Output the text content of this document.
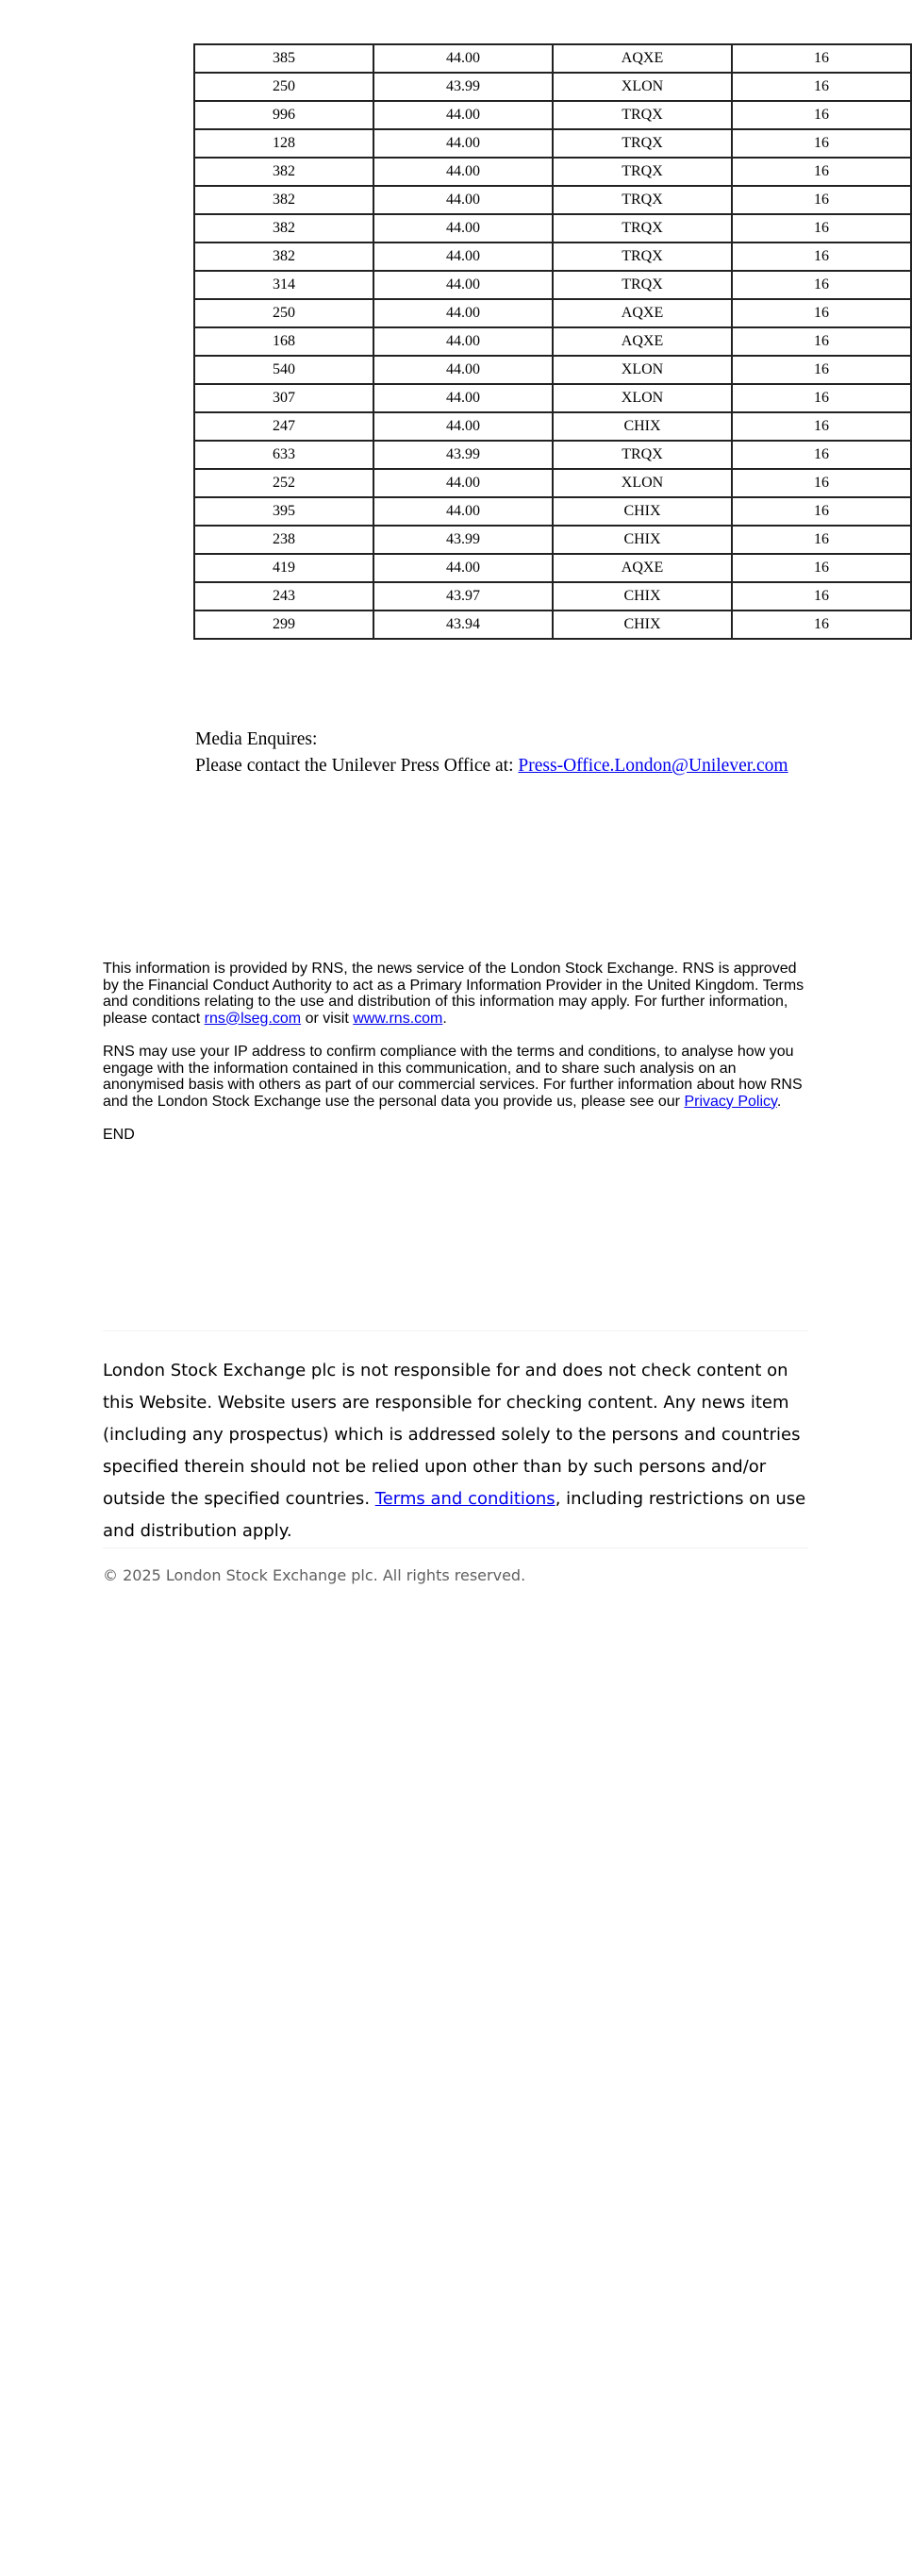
385	44.00	AQXE	16
250	43.99	XLON	16
996	44.00	TRQX	16
128	44.00	TRQX	16
382	44.00	TRQX	16
382	44.00	TRQX	16
382	44.00	TRQX	16
382	44.00	TRQX	16
314	44.00	TRQX	16
250	44.00	AQXE	16
168	44.00	AQXE	16
540	44.00	XLON	16
307	44.00	XLON	16
247	44.00	CHIX	16
633	43.99	TRQX	16
252	44.00	XLON	16
395	44.00	CHIX	16
238	43.99	CHIX	16
419	44.00	AQXE	16
243	43.97	CHIX	16
299	43.94	CHIX	16
Media Enquires:
Please contact the Unilever Press Office at: Press-Office.London@Unilever.com

This information is provided by RNS, the news service of the London Stock Exchange. RNS is approved by the Financial Conduct Authority to act as a Primary Information Provider in the United Kingdom. Terms and conditions relating to the use and distribution of this information may apply. For further information, please contact rns@lseg.com or visit www.rns.com.

RNS may use your IP address to confirm compliance with the terms and conditions, to analyse how you engage with the information contained in this communication, and to share such analysis on an anonymised basis with others as part of our commercial services. For further information about how RNS and the London Stock Exchange use the personal data you provide us, please see our Privacy Policy.

END

London Stock Exchange plc is not responsible for and does not check content on this Website. Website users are responsible for checking content. Any news item (including any prospectus) which is addressed solely to the persons and countries specified therein should not be relied upon other than by such persons and/or outside the specified countries. Terms and conditions, including restrictions on use and distribution apply.
© 2025 London Stock Exchange plc. All rights reserved.
